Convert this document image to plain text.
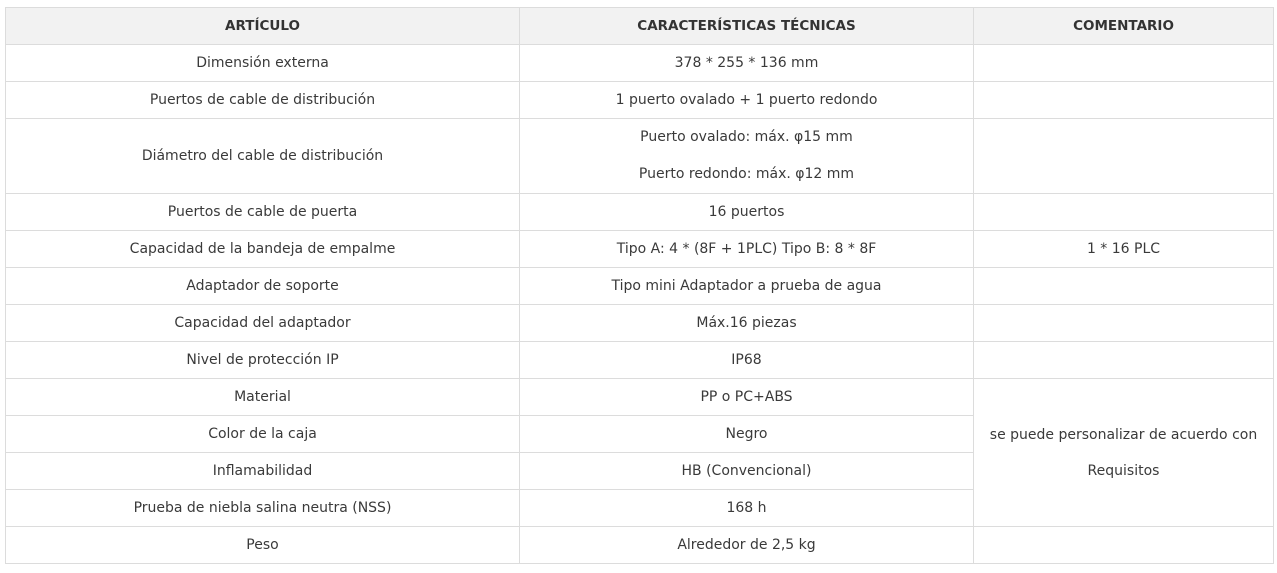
ARTÍCULO	CARACTERÍSTICAS TÉCNICAS	COMENTARIO
Dimensión externa	378 * 255 * 136 mm	
Puertos de cable de distribución	1 puerto ovalado + 1 puerto redondo	
Diámetro del cable de distribución	Puerto ovalado: máx. φ15 mm
Puerto redondo: máx. φ12 mm	

Puertos de cable de puerta	16 puertos	
Capacidad de la bandeja de empalme	Tipo A: 4 * (8F + 1PLC) Tipo B: 8 * 8F	1 * 16 PLC
Adaptador de soporte	Tipo mini Adaptador a prueba de agua	
Capacidad del adaptador	Máx.16 piezas	
Nivel de protección IP	IP68	
Material	PP o PC+ABS	se puede personalizar de acuerdo con
Requisitos

Color de la caja	Negro	
Inflamabilidad	HB (Convencional)	
Prueba de niebla salina neutra (NSS)	168 h	
Peso	Alrededor de 2,5 kg	
